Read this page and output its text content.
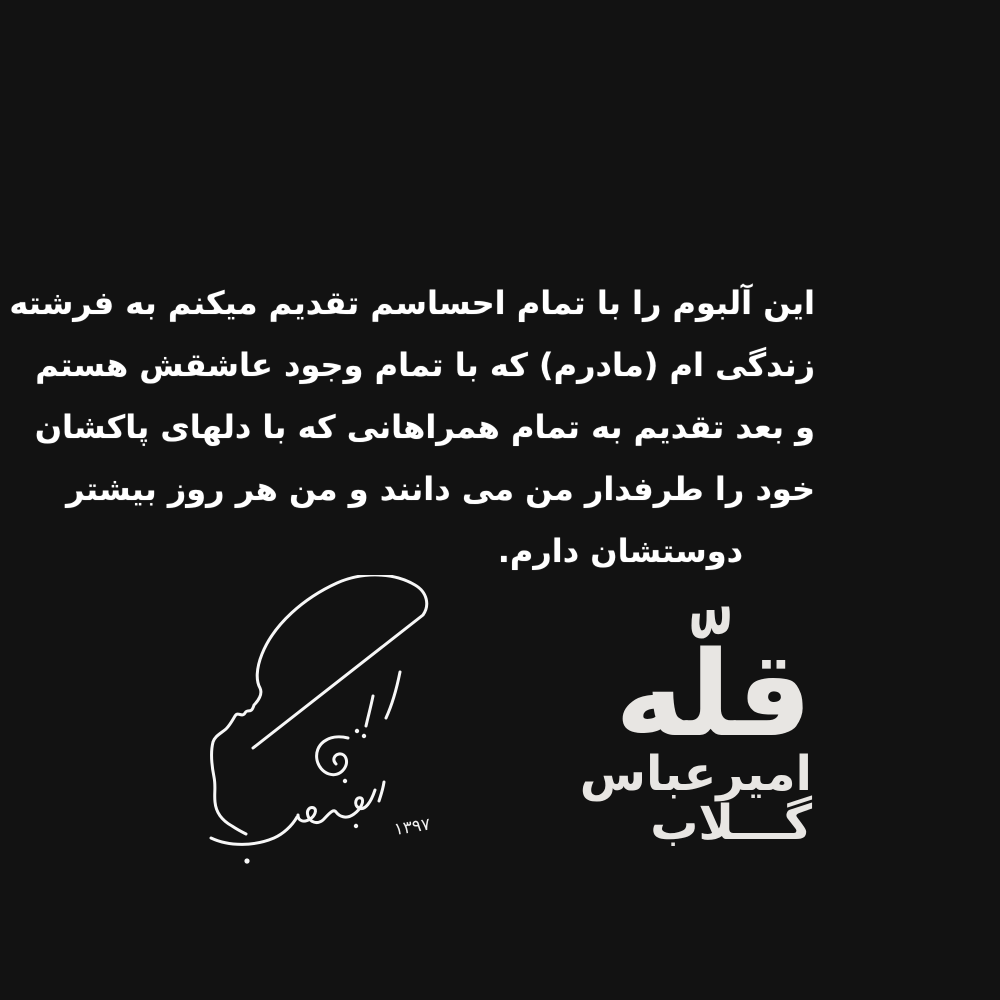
این آلبوم را با تمام احساسم تقدیم میکنم به فرشته
زندگی ام (مادرم) که با تمام وجود عاشقش هستم
و بعد تقدیم به تمام همراهانی که با دلهای پاکشان
خود را طرفدار من می دانند و من هر روز بیشتر
دوستشان دارم.
۱۳۹۷
قلّه
امیرعباس
گـــلاب
